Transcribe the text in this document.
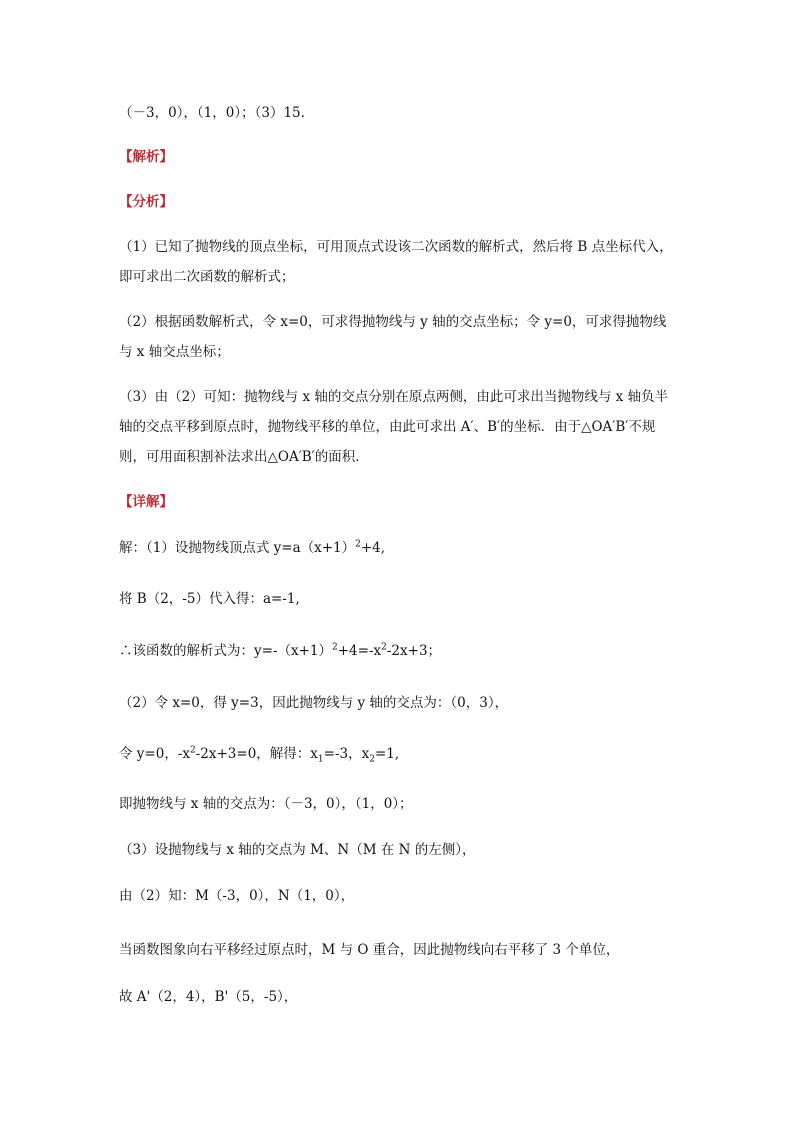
（－3，0），（1，0）；（3）15.
【解析】
【分析】
（1）已知了抛物线的顶点坐标，可用顶点式设该二次函数的解析式，然后将 B 点坐标代入，
即可求出二次函数的解析式；
（2）根据函数解析式，令 x=0，可求得抛物线与 y 轴的交点坐标；令 y=0，可求得抛物线
与 x 轴交点坐标；
（3）由（2）可知：抛物线与 x 轴的交点分别在原点两侧，由此可求出当抛物线与 x 轴负半
轴的交点平移到原点时，抛物线平移的单位，由此可求出 A′、B′的坐标．由于△OA′B′不规
则，可用面积割补法求出△OA′B′的面积．
【详解】
解：（1）设抛物线顶点式 $y=a(x+1)^2+4$,
将 B（2，-5）代入得：a=-1,
∴该函数的解析式为：$y=-(x+1)^2+4=-x^2-2x+3$；
（2）令 x=0，得 y=3，因此抛物线与 y 轴的交点为：（0，3），
令 y=0，$-x^2-2x+3=0$，解得：$x_1=-3$，$x_2=1$,
即抛物线与 x 轴的交点为：（－3，0），（1，0）；
（3）设抛物线与 x 轴的交点为 M、N（M 在 N 的左侧），
由（2）知：M（-3，0），N（1，0），
当函数图象向右平移经过原点时，M 与 O 重合，因此抛物线向右平移了 3 个单位，
故 A'（2，4），B'（5，-5），
